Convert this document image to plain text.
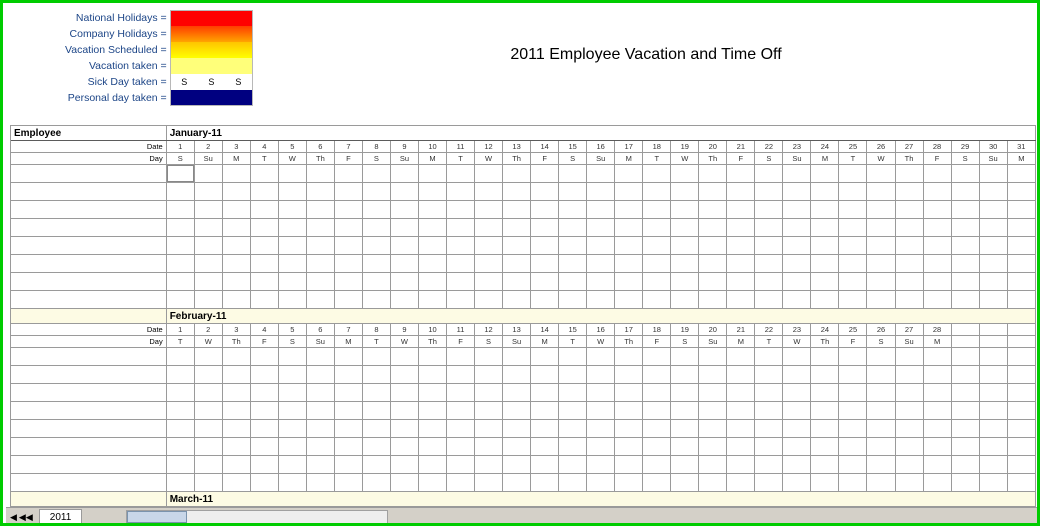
National Holidays =
Company Holidays =
Vacation Scheduled =
Vacation taken =
Sick Day taken =	S S S
Personal day taken =
2011 Employee Vacation and Time Off
Employee	January-11																														
Date	1	2	3	4	5	6	7	8	9	10	11	12	13	14	15	16	17	18	19	20	21	22	23	24	25	26	27	28	29	30	31
Day	S	Su	M	T	W	Th	F	S	Su	M	T	W	Th	F	S	Su	M	T	W	Th	F	S	Su	M	T	W	Th	F	S	Su	M

	February-11																														
Date	1	2	3	4	5	6	7	8	9	10	11	12	13	14	15	16	17	18	19	20	21	22	23	24	25	26	27	28			
Day	T	W	Th	F	S	Su	M	T	W	Th	F	S	Su	M	T	W	Th	F	S	Su	M	T	W	Th	F	S	Su	M			

	March-11																														

◀ ◀◀	2011
